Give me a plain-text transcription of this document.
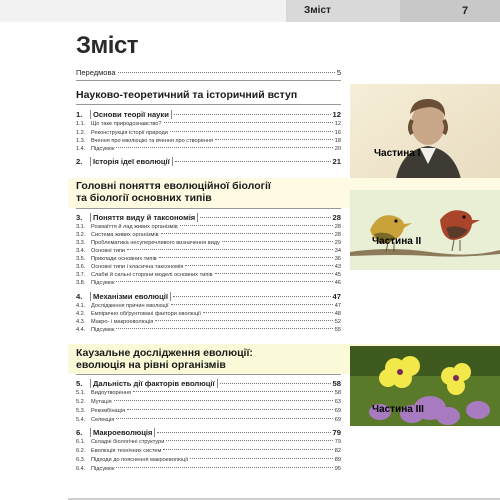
Зміст	7
Зміст
Передмова	5
Науково-теоретичний та історичний вступ
Частина I
1. Основи теорії науки	12
1.1. Що таке природознавство?	12
1.2. Реконструкція історії природи	16
1.3. Вчення про еволюцію та вчення про створення	18
1.4. Підсумок	20
2. Історія ідеї еволюції	21
Головні поняття еволюційної біології
та біології основних типів
Частина II
3. Поняття виду й таксономія	28
3.1. Розмаїття й лад живих організмів	28
3.2. Система живих організмів	28
3.3. Проблематика несуперечливого визначення виду	29
3.4. Основні типи	34
3.5. Приклади основних типів	36
3.6. Основні типи і класична таксономія	43
3.7. Слабкі й сильні сторони моделі основних типів	45
3.8. Підсумок	46
4. Механізми еволюції	47
4.1. Дослідження причин еволюції	47
4.2. Емпірично обґрунтовані фактори еволюції	48
4.3. Макро- і макроеволюція	52
4.4. Підсумок	55
Каузальне дослідження еволюції:
еволюція на рівні організмів
Частина III
5. Дальність дії факторів еволюції	58
5.1. Видоутворення	58
5.2. Мутація	63
5.3. Рекомбінація	69
5.4. Селекція	69
6. Макроеволюція	79
6.1. Складні біологічні структури	79
6.2. Еволюція технічних систем	82
6.3. Підходи до пояснення макроеволюції	89
6.4. Підсумок	95
